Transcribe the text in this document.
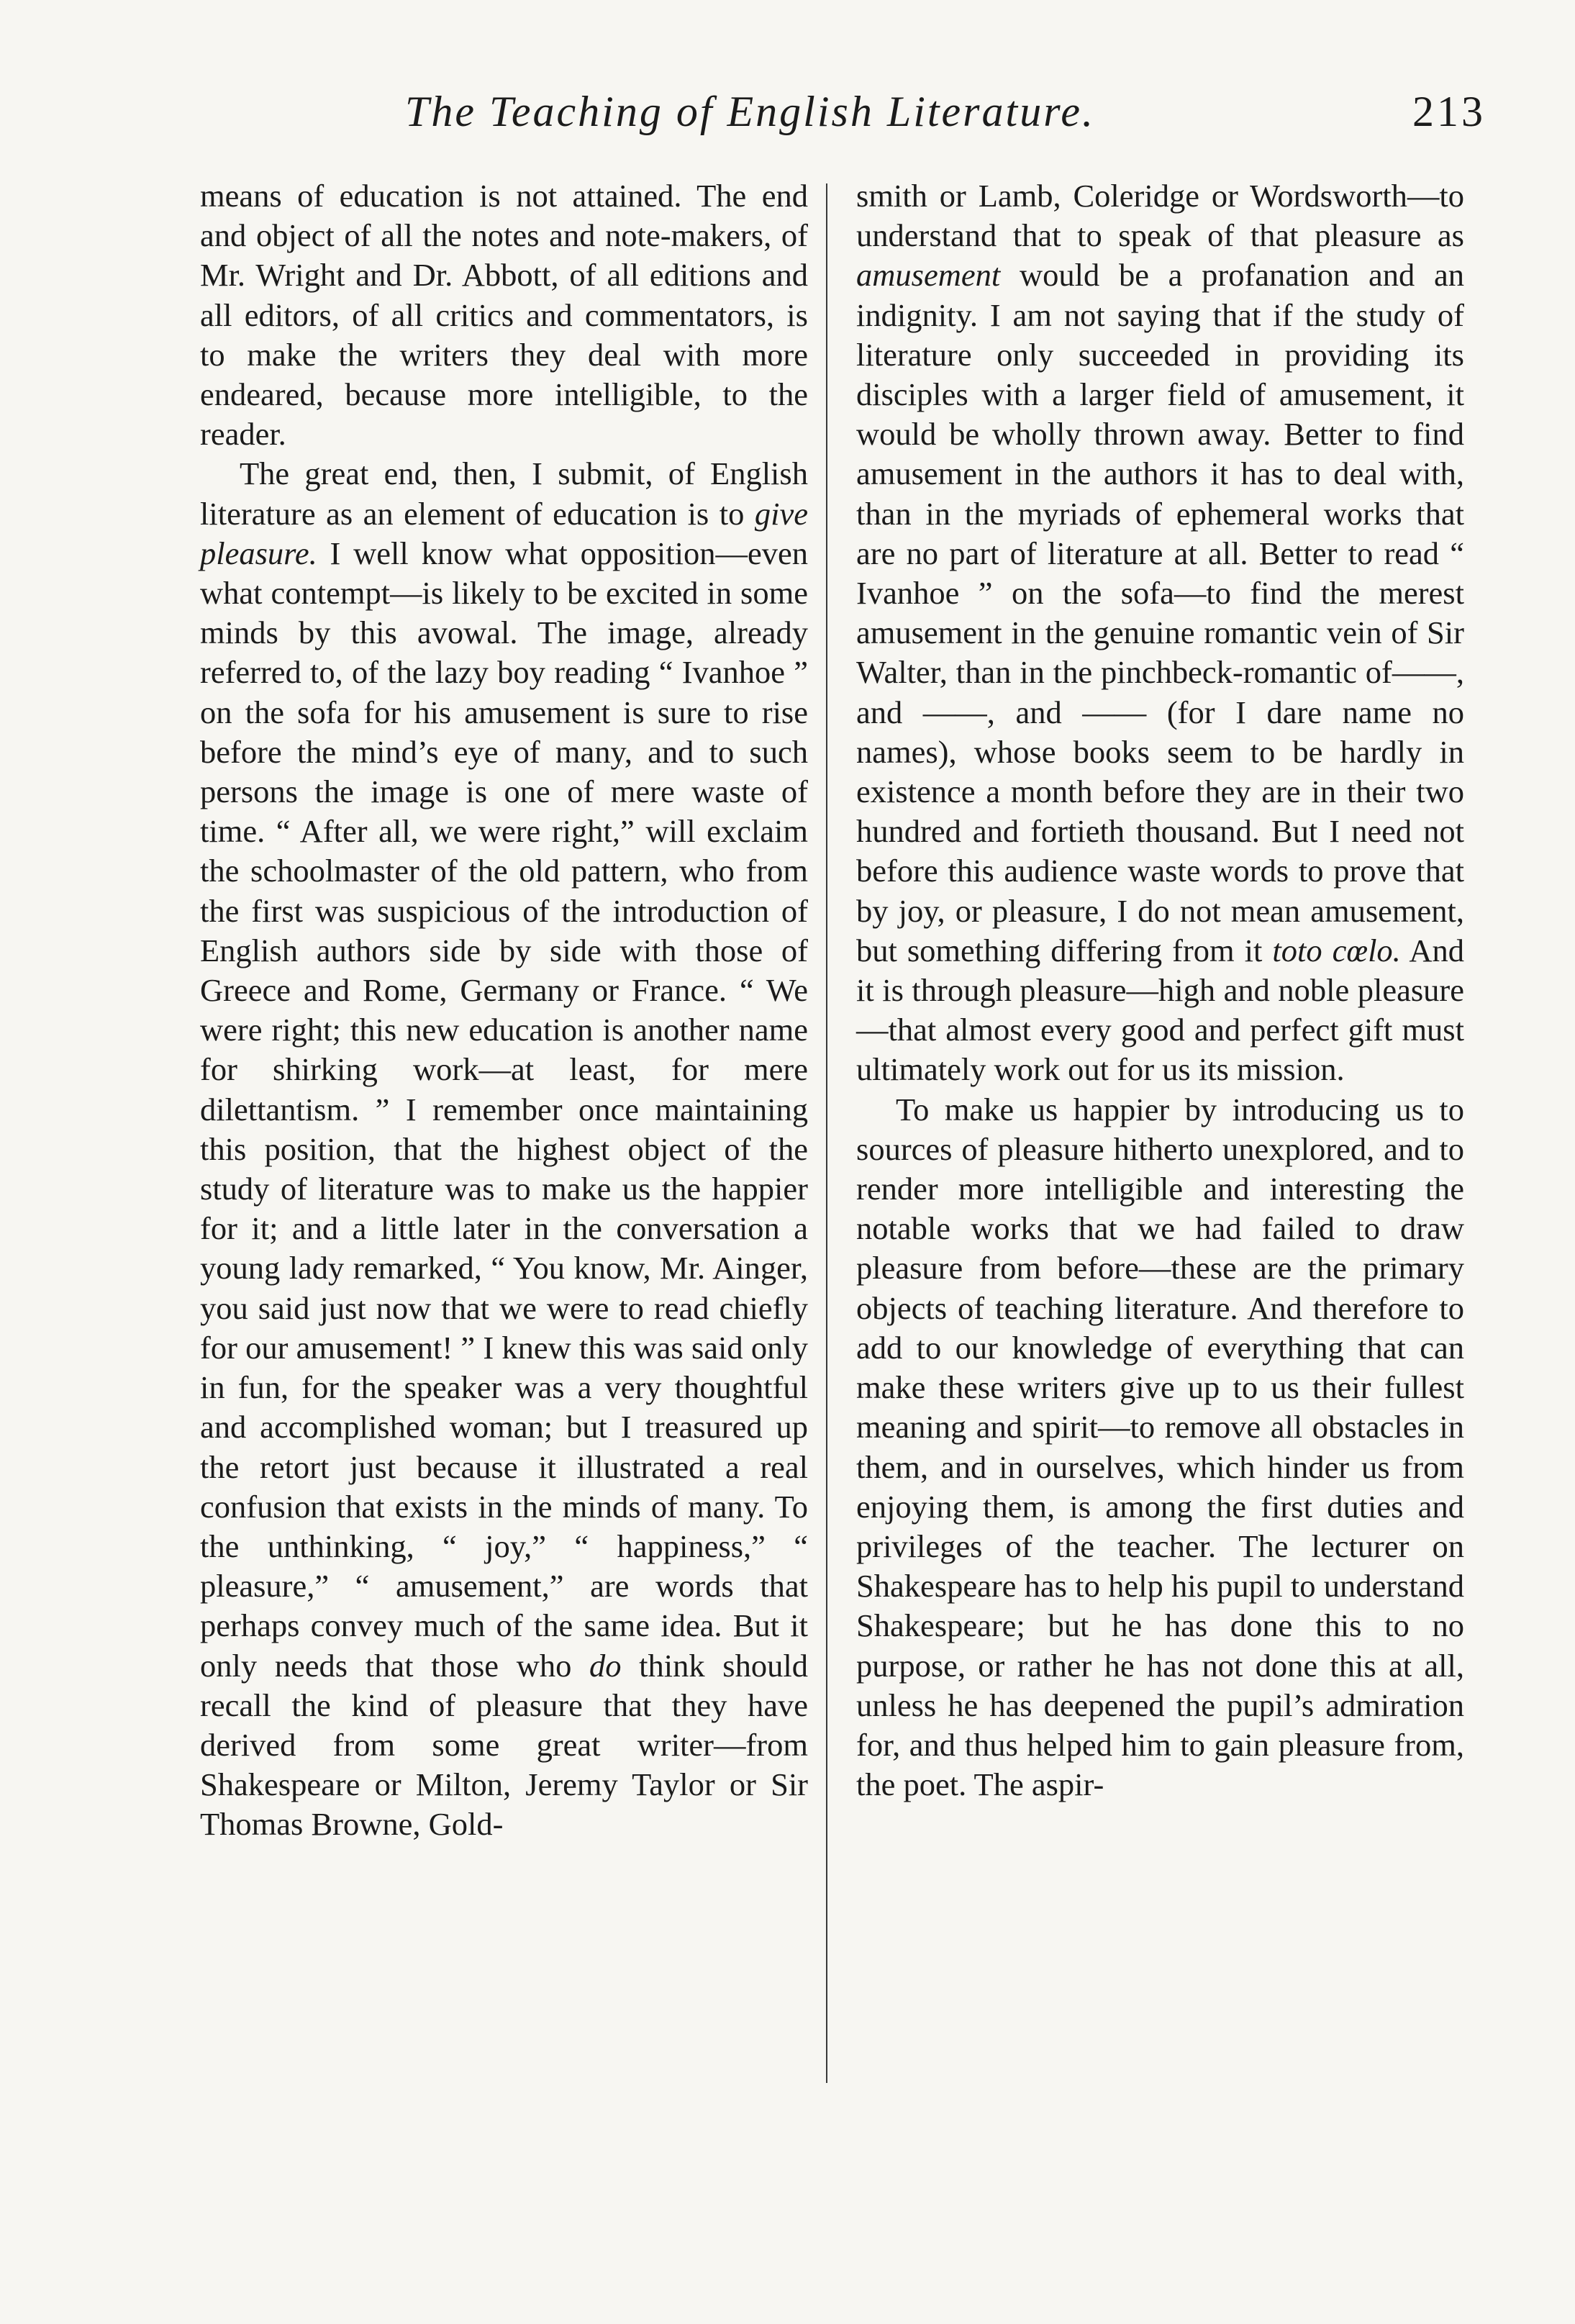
The Teaching of English Literature.	213

means of education is not attained. The end and object of all the notes and note-makers, of Mr. Wright and Dr. Abbott, of all editions and all editors, of all critics and commentators, is to make the writers they deal with more endeared, because more intelligible, to the reader.

The great end, then, I submit, of English literature as an element of education is to give pleasure. I well know what opposition—even what contempt—is likely to be excited in some minds by this avowal. The image, already referred to, of the lazy boy reading “ Ivanhoe ” on the sofa for his amusement is sure to rise before the mind’s eye of many, and to such persons the image is one of mere waste of time. “ After all, we were right,” will exclaim the schoolmaster of the old pattern, who from the first was suspicious of the introduction of English authors side by side with those of Greece and Rome, Germany or France. “ We were right; this new education is another name for shirking work—at least, for mere dilettantism. ” I remember once maintaining this position, that the highest object of the study of literature was to make us the happier for it; and a little later in the conversation a young lady remarked, “ You know, Mr. Ainger, you said just now that we were to read chiefly for our amusement! ” I knew this was said only in fun, for the speaker was a very thoughtful and accomplished woman; but I treasured up the retort just because it illustrated a real confusion that exists in the minds of many. To the unthinking, “ joy,” “ happiness,” “ pleasure,” “ amusement,” are words that perhaps convey much of the same idea. But it only needs that those who do think should recall the kind of pleasure that they have derived from some great writer—from Shakespeare or Milton, Jeremy Taylor or Sir Thomas Browne, Gold-

smith or Lamb, Coleridge or Wordsworth—to understand that to speak of that pleasure as amusement would be a profanation and an indignity. I am not saying that if the study of literature only succeeded in providing its disciples with a larger field of amusement, it would be wholly thrown away. Better to find amusement in the authors it has to deal with, than in the myriads of ephemeral works that are no part of literature at all. Better to read “ Ivanhoe ” on the sofa—to find the merest amusement in the genuine romantic vein of Sir Walter, than in the pinchbeck-romantic of——, and ——, and —— (for I dare name no names), whose books seem to be hardly in existence a month before they are in their two hundred and fortieth thousand. But I need not before this audience waste words to prove that by joy, or pleasure, I do not mean amusement, but something differing from it toto cœlo. And it is through pleasure—high and noble pleasure—that almost every good and perfect gift must ultimately work out for us its mission.

To make us happier by introducing us to sources of pleasure hitherto unexplored, and to render more intelligible and interesting the notable works that we had failed to draw pleasure from before—these are the primary objects of teaching literature. And therefore to add to our knowledge of everything that can make these writers give up to us their fullest meaning and spirit—to remove all obstacles in them, and in ourselves, which hinder us from enjoying them, is among the first duties and privileges of the teacher. The lecturer on Shakespeare has to help his pupil to understand Shakespeare; but he has done this to no purpose, or rather he has not done this at all, unless he has deepened the pupil’s admiration for, and thus helped him to gain pleasure from, the poet. The aspir-
